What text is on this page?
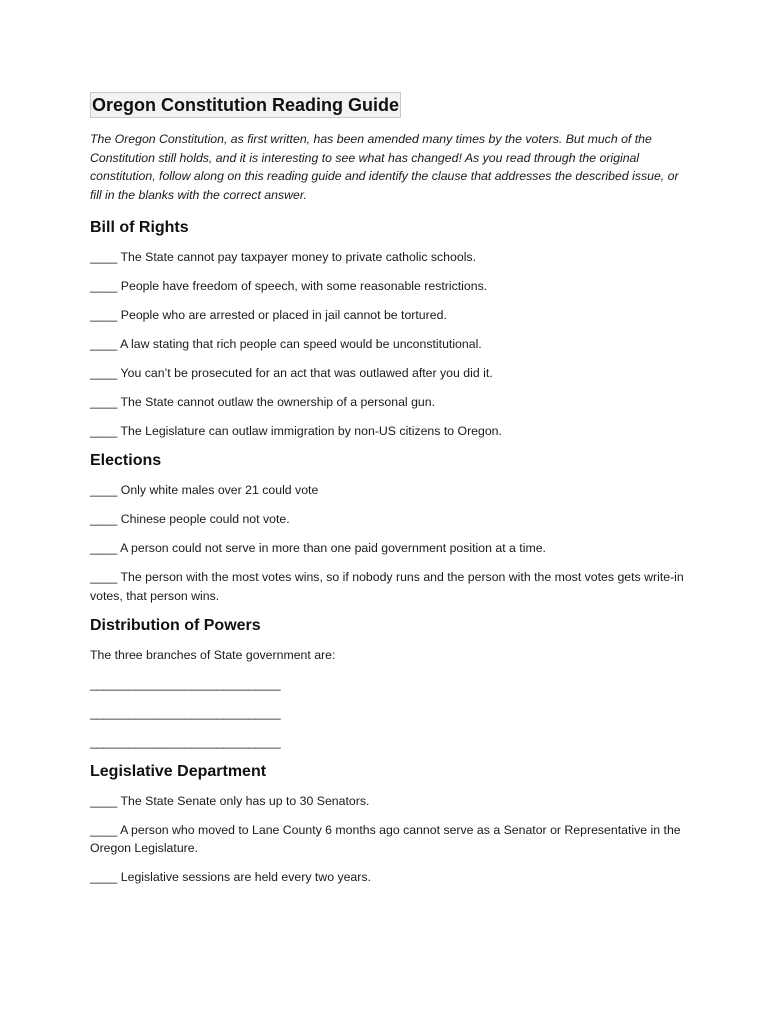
Oregon Constitution Reading Guide

The Oregon Constitution, as first written, has been amended many times by the voters. But much of the Constitution still holds, and it is interesting to see what has changed! As you read through the original constitution, follow along on this reading guide and identify the clause that addresses the described issue, or fill in the blanks with the correct answer.

Bill of Rights

____ The State cannot pay taxpayer money to private catholic schools.

____ People have freedom of speech, with some reasonable restrictions.

____ People who are arrested or placed in jail cannot be tortured.

____ A law stating that rich people can speed would be unconstitutional.

____ You can’t be prosecuted for an act that was outlawed after you did it.

____ The State cannot outlaw the ownership of a personal gun.

____ The Legislature can outlaw immigration by non-US citizens to Oregon.

Elections

____ Only white males over 21 could vote

____ Chinese people could not vote.

____ A person could not serve in more than one paid government position at a time.

____ The person with the most votes wins, so if nobody runs and the person with the most votes gets write-in votes, that person wins.

Distribution of Powers

The three branches of State government are:

______________________________

______________________________

______________________________

Legislative Department

____ The State Senate only has up to 30 Senators.

____ A person who moved to Lane County 6 months ago cannot serve as a Senator or Representative in the Oregon Legislature.

____ Legislative sessions are held every two years.
